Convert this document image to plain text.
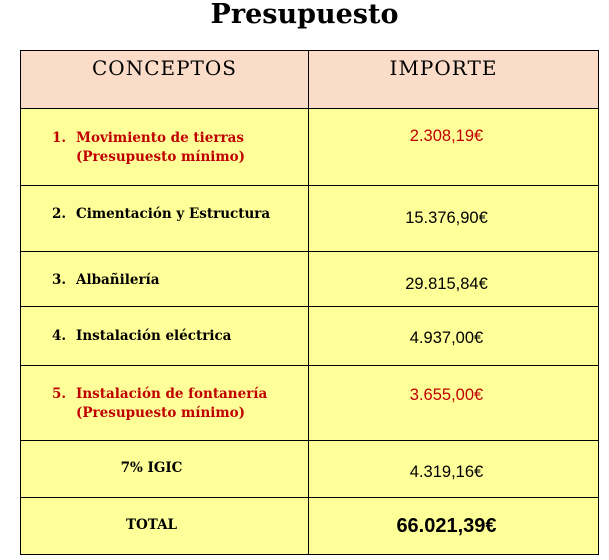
Presupuesto
CONCEPTOS	IMPORTE

1. Movimiento de tierras
(Presupuesto mínimo)	2.308,19€

2. Cimentación y Estructura	15.376,90€

3. Albañilería	29.815,84€

4. Instalación eléctrica	4.937,00€

5. Instalación de fontanería
(Presupuesto mínimo)	3.655,00€

7% IGIC	4.319,16€

TOTAL	66.021,39€
